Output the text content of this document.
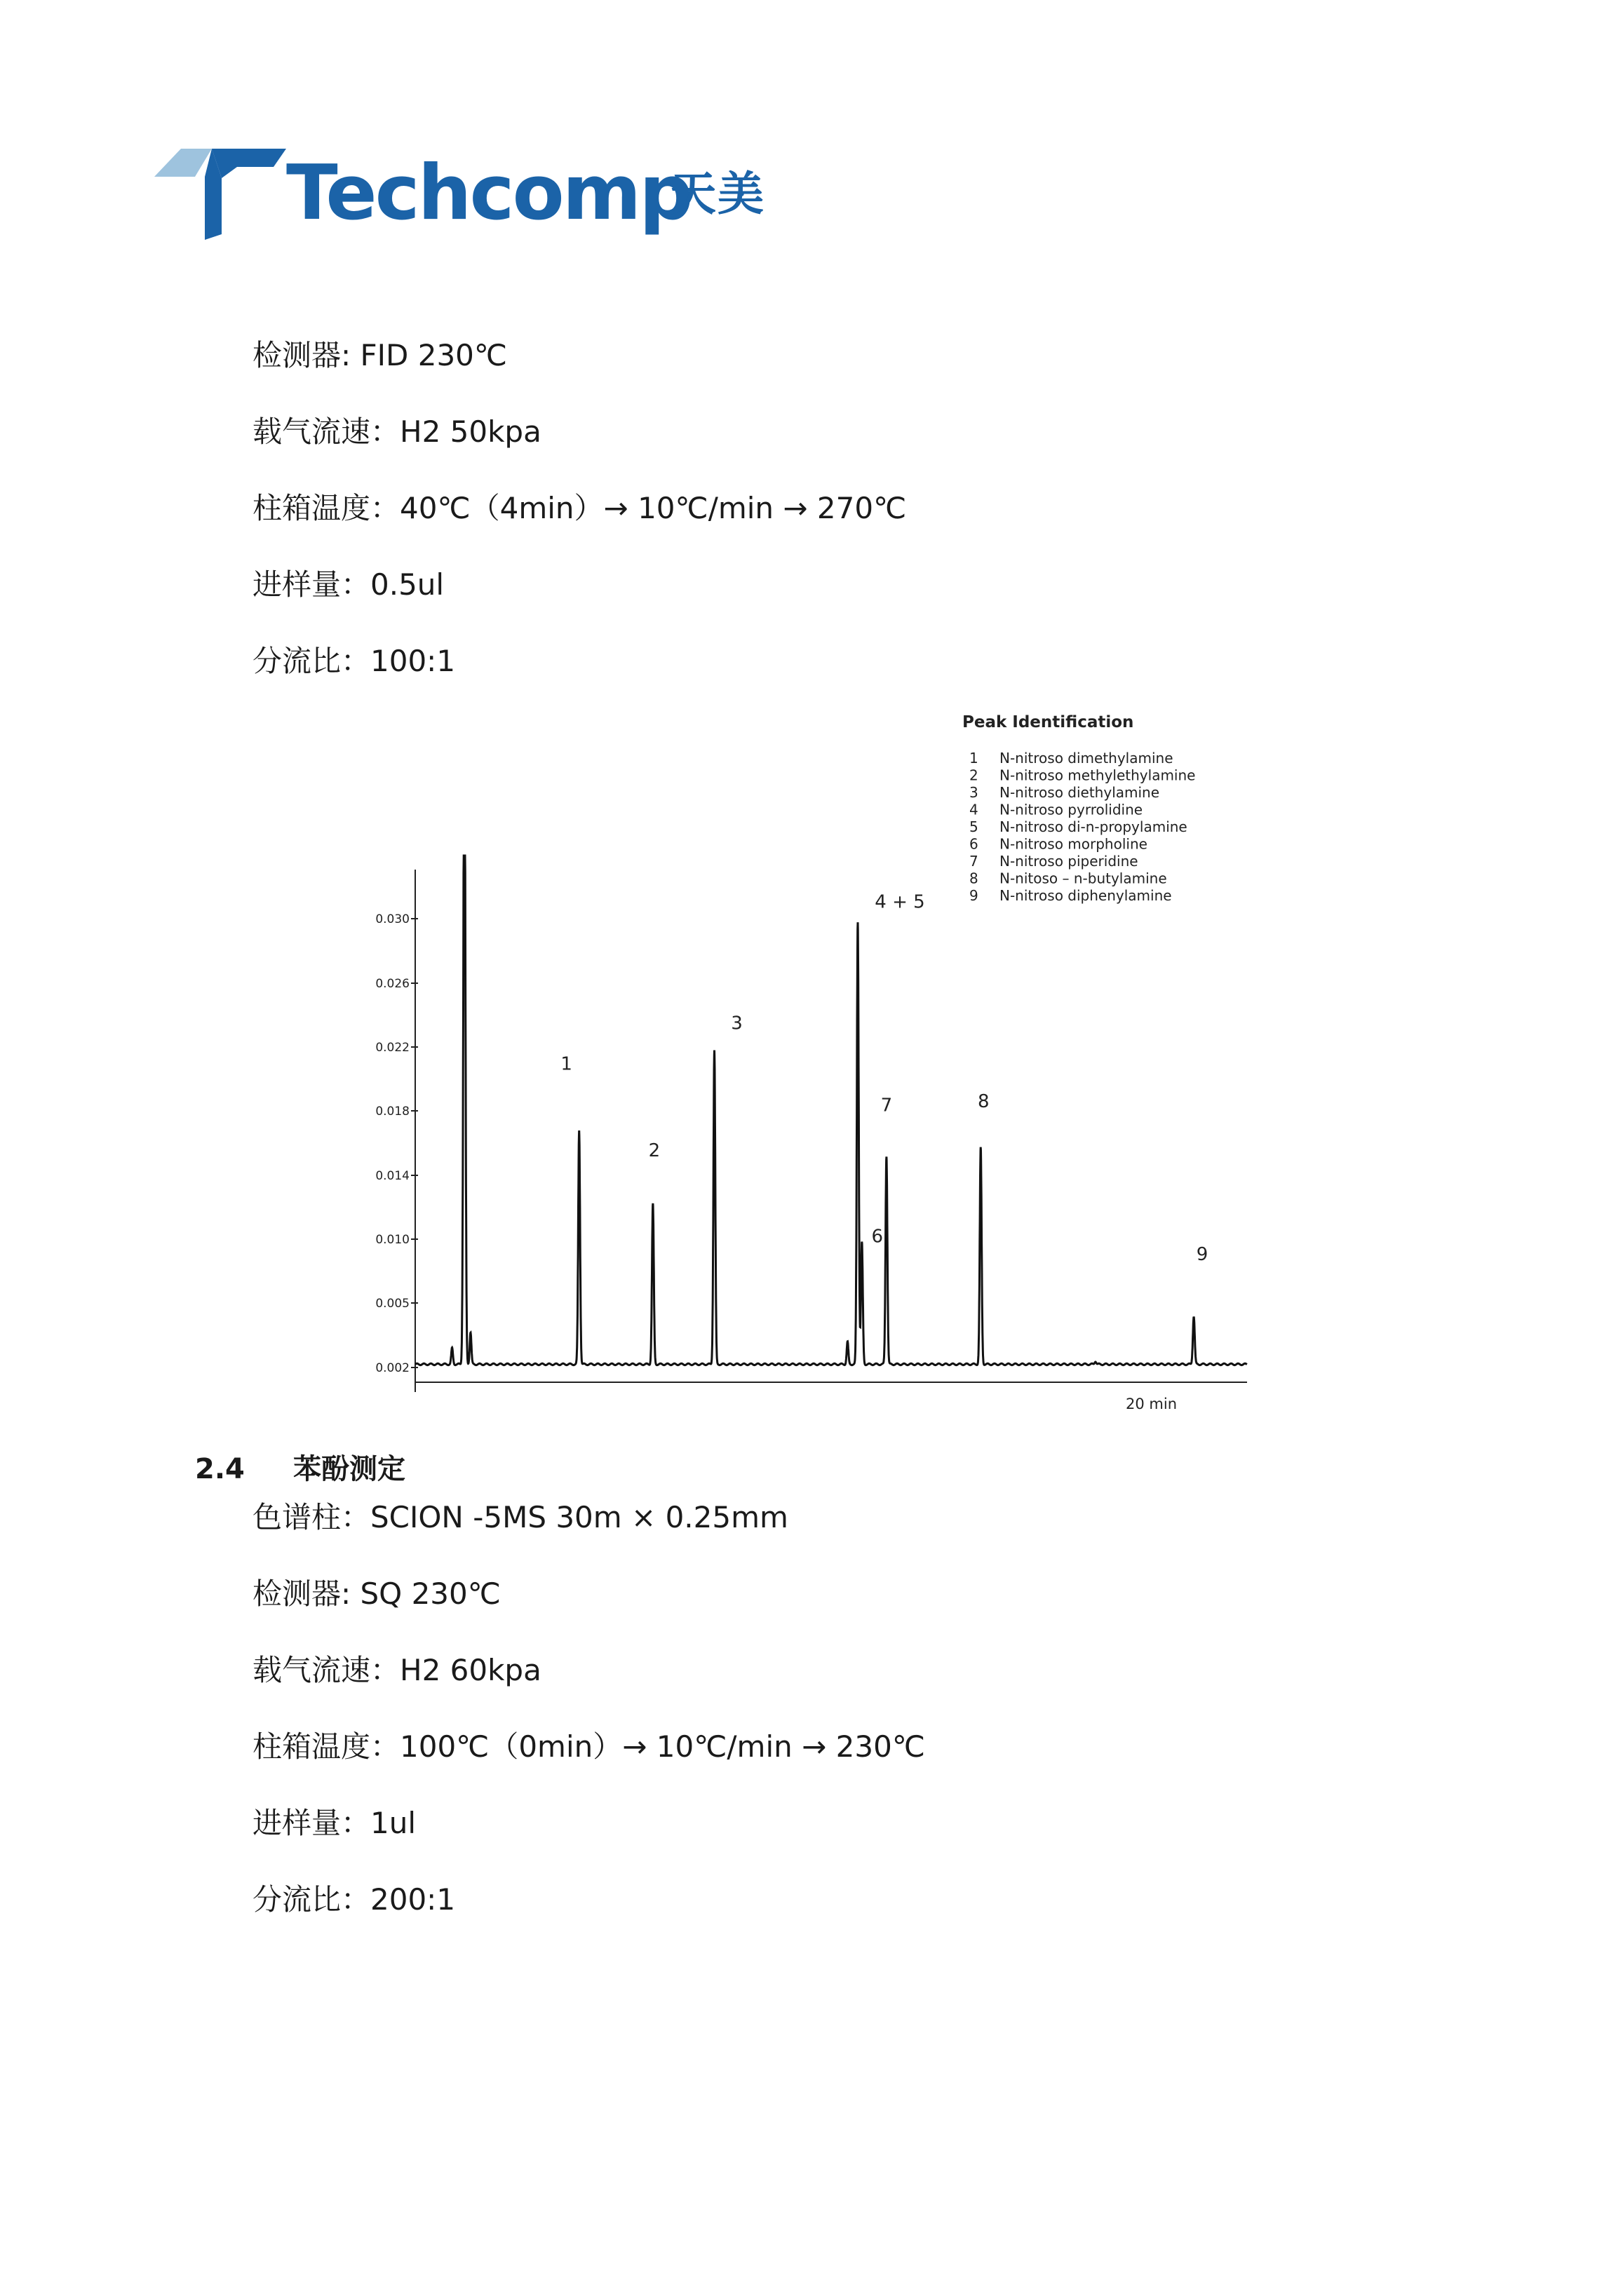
Techcomp
天美
检测器: FID 230℃
载气流速：H2 50kpa
柱箱温度：40℃（4min）→ 10℃/min → 270℃
进样量：0.5ul
分流比：100:1
Peak Identification
1 N-nitroso dimethylamine
2 N-nitroso methylethylamine
3 N-nitroso diethylamine
4 N-nitroso pyrrolidine
5 N-nitroso di-n-propylamine
6 N-nitroso morpholine
7 N-nitroso piperidine
8 N-nitoso – n-butylamine
9 N-nitroso diphenylamine
0.002
0.005
0.010
0.014
0.018
0.022
0.026
0.030
1
2
3
4 + 5
6
7	8
9
20 min
2.4 苯酚测定
色谱柱：SCION -5MS 30m × 0.25mm
检测器: SQ 230℃
载气流速：H2 60kpa
柱箱温度：100℃（0min）→ 10℃/min → 230℃
进样量：1ul
分流比：200:1
